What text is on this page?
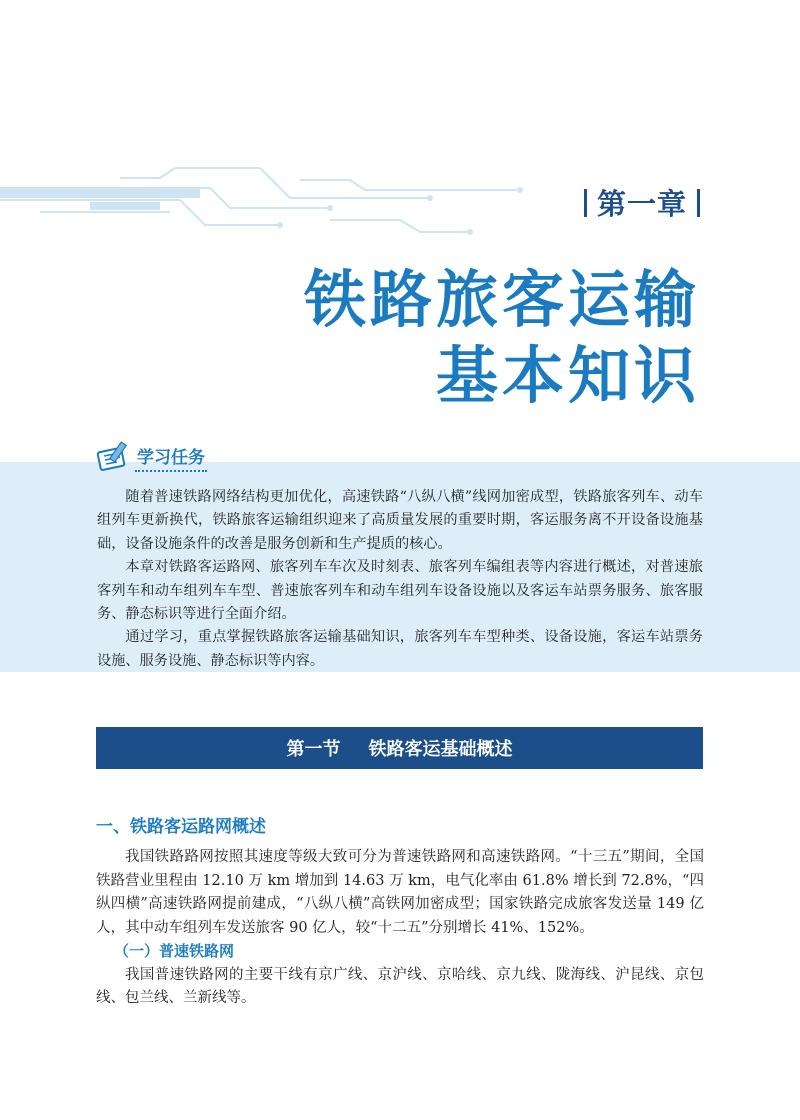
第一章
铁路旅客运输
基本知识
学习任务

随着普速铁路网络结构更加优化，高速铁路“八纵八横”线网加密成型，铁路旅客列车、动车组列车更新换代，铁路旅客运输组织迎来了高质量发展的重要时期，客运服务离不开设备设施基础，设备设施条件的改善是服务创新和生产提质的核心。

本章对铁路客运路网、旅客列车车次及时刻表、旅客列车编组表等内容进行概述，对普速旅客列车和动车组列车车型、普速旅客列车和动车组列车设备设施以及客运车站票务服务、旅客服务、静态标识等进行全面介绍。

通过学习，重点掌握铁路旅客运输基础知识，旅客列车车型种类、设备设施，客运车站票务设施、服务设施、静态标识等内容。

第一节 铁路客运基础概述
一、铁路客运路网概述

我国铁路路网按照其速度等级大致可分为普速铁路网和高速铁路网。“十三五”期间，全国铁路营业里程由 12.10 万 km 增加到 14.63 万 km，电气化率由 61.8% 增长到 72.8%，“四纵四横”高速铁路网提前建成，“八纵八横”高铁网加密成型；国家铁路完成旅客发送量 149 亿人，其中动车组列车发送旅客 90 亿人，较“十二五”分别增长 41%、152%。

（一）普速铁路网

我国普速铁路网的主要干线有京广线、京沪线、京哈线、京九线、陇海线、沪昆线、京包线、包兰线、兰新线等。
